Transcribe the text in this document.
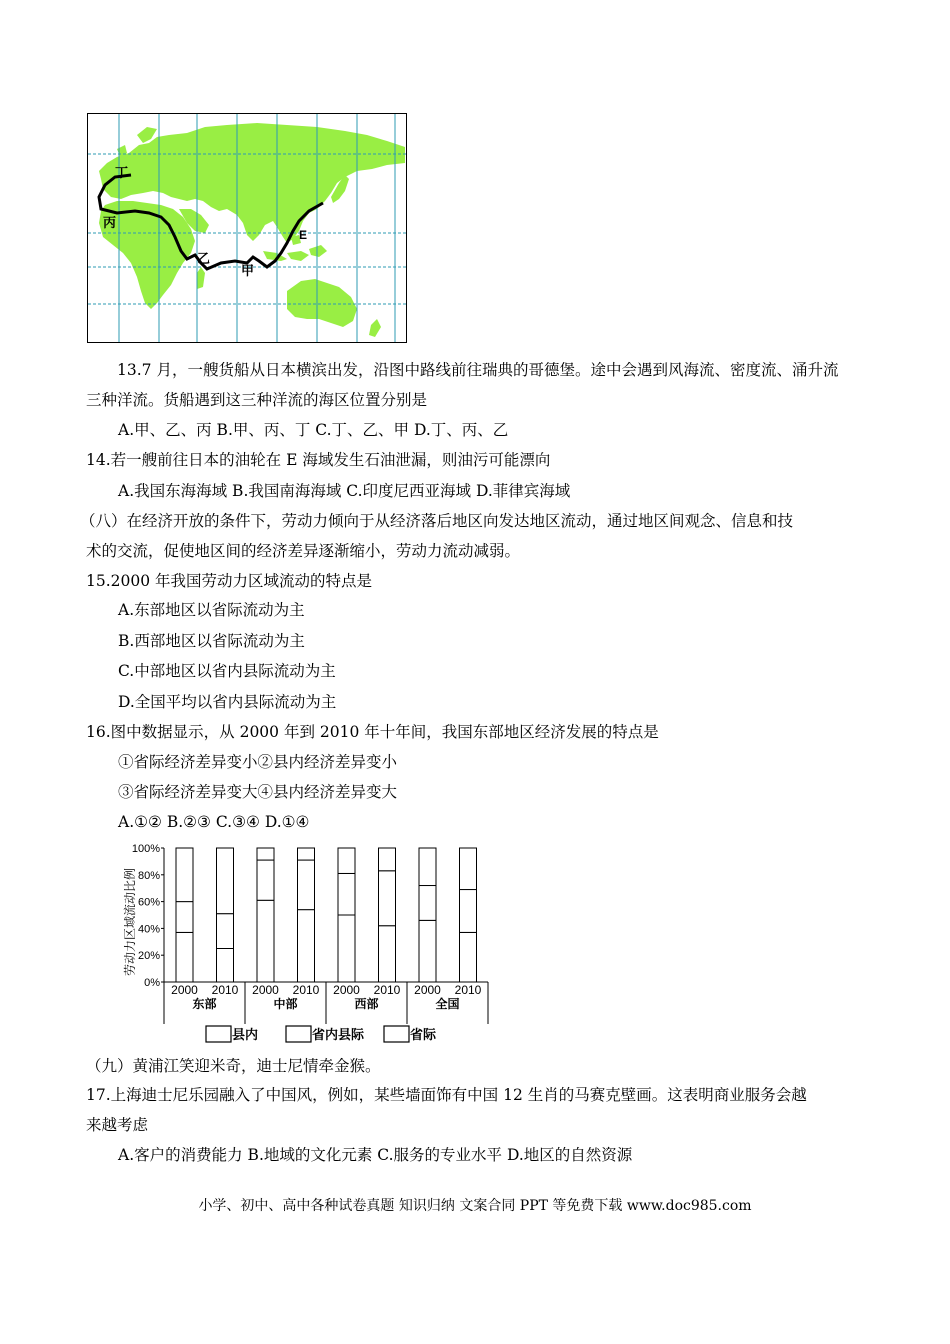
丁
丙
乙
甲
E
13.7 月，一艘货船从日本横滨出发，沿图中路线前往瑞典的哥德堡。途中会遇到风海流、密度流、涌升流
三种洋流。货船遇到这三种洋流的海区位置分别是
A.甲、乙、丙 B.甲、丙、丁 C.丁、乙、甲 D.丁、丙、乙
14.若一艘前往日本的油轮在 E 海域发生石油泄漏，则油污可能漂向
A.我国东海海域 B.我国南海海域 C.印度尼西亚海域 D.菲律宾海域
（八）在经济开放的条件下，劳动力倾向于从经济落后地区向发达地区流动，通过地区间观念、信息和技
术的交流，促使地区间的经济差异逐渐缩小，劳动力流动减弱。
15.2000 年我国劳动力区域流动的特点是
A.东部地区以省际流动为主
B.西部地区以省际流动为主
C.中部地区以省内县际流动为主
D.全国平均以省内县际流动为主
16.图中数据显示，从 2000 年到 2010 年十年间，我国东部地区经济发展的特点是
①省际经济差异变小②县内经济差异变小
③省际经济差异变大④县内经济差异变大
A.①② B.②③ C.③④ D.①④
劳动力区域流动比例
0%
20%
40%
60%
80%
100%
2000 2010 2000 2010 2000 2010 2000 2010
东部	中部	西部	全国
县内	省内县际	省际
（九）黄浦江笑迎米奇，迪士尼情牵金猴。
17.上海迪士尼乐园融入了中国风，例如，某些墙面饰有中国 12 生肖的马赛克壁画。这表明商业服务会越
来越考虑
A.客户的消费能力 B.地域的文化元素 C.服务的专业水平 D.地区的自然资源
小学、初中、高中各种试卷真题 知识归纳 文案合同 PPT 等免费下载 www.doc985.com
